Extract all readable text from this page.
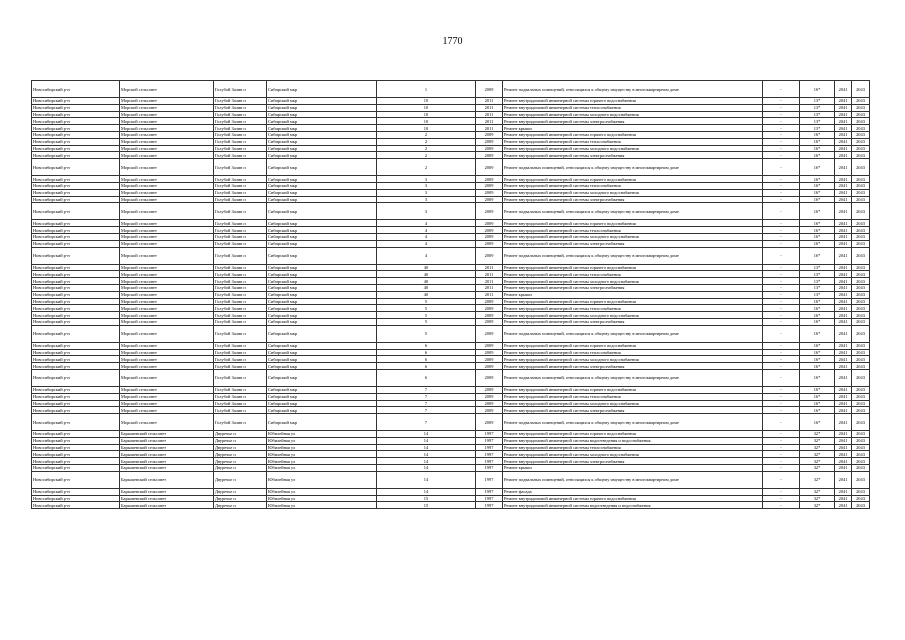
1770
Новосибирский р-н	Морской сельсовет	Голубой Залив п	Сибирский мкр	1	2009	Ремонт подвальных помещений, относящихся к общему имуществу в многоквартирном доме	-	16*	2041	2043
Новосибирский р-н	Морской сельсовет	Голубой Залив п	Сибирский мкр	10	2011	Ремонт внутридомовой инженерной системы горячего водоснабжения	-	13*	2041	2043
Новосибирский р-н	Морской сельсовет	Голубой Залив п	Сибирский мкр	10	2011	Ремонт внутридомовой инженерной системы теплоснабжения	-	13*	2041	2043
Новосибирский р-н	Морской сельсовет	Голубой Залив п	Сибирский мкр	10	2011	Ремонт внутридомовой инженерной системы холодного водоснабжения	-	13*	2041	2043
Новосибирский р-н	Морской сельсовет	Голубой Залив п	Сибирский мкр	10	2011	Ремонт внутридомовой инженерной системы электроснабжения	-	13*	2041	2043
Новосибирский р-н	Морской сельсовет	Голубой Залив п	Сибирский мкр	10	2011	Ремонт крыши	-	13*	2041	2043
Новосибирский р-н	Морской сельсовет	Голубой Залив п	Сибирский мкр	2	2009	Ремонт внутридомовой инженерной системы горячего водоснабжения	-	16*	2041	2043
Новосибирский р-н	Морской сельсовет	Голубой Залив п	Сибирский мкр	2	2009	Ремонт внутридомовой инженерной системы теплоснабжения	-	16*	2041	2043
Новосибирский р-н	Морской сельсовет	Голубой Залив п	Сибирский мкр	2	2009	Ремонт внутридомовой инженерной системы холодного водоснабжения	-	16*	2041	2043
Новосибирский р-н	Морской сельсовет	Голубой Залив п	Сибирский мкр	2	2009	Ремонт внутридомовой инженерной системы электроснабжения	-	16*	2041	2043
Новосибирский р-н	Морской сельсовет	Голубой Залив п	Сибирский мкр	2	2009	Ремонт подвальных помещений, относящихся к общему имуществу в многоквартирном доме	-	16*	2041	2043
Новосибирский р-н	Морской сельсовет	Голубой Залив п	Сибирский мкр	3	2009	Ремонт внутридомовой инженерной системы горячего водоснабжения	-	16*	2041	2043
Новосибирский р-н	Морской сельсовет	Голубой Залив п	Сибирский мкр	3	2009	Ремонт внутридомовой инженерной системы теплоснабжения	-	16*	2041	2043
Новосибирский р-н	Морской сельсовет	Голубой Залив п	Сибирский мкр	3	2009	Ремонт внутридомовой инженерной системы холодного водоснабжения	-	16*	2041	2043
Новосибирский р-н	Морской сельсовет	Голубой Залив п	Сибирский мкр	3	2009	Ремонт внутридомовой инженерной системы электроснабжения	-	16*	2041	2043
Новосибирский р-н	Морской сельсовет	Голубой Залив п	Сибирский мкр	3	2009	Ремонт подвальных помещений, относящихся к общему имуществу в многоквартирном доме	-	16*	2041	2043
Новосибирский р-н	Морской сельсовет	Голубой Залив п	Сибирский мкр	4	2009	Ремонт внутридомовой инженерной системы горячего водоснабжения	-	16*	2041	2043
Новосибирский р-н	Морской сельсовет	Голубой Залив п	Сибирский мкр	4	2009	Ремонт внутридомовой инженерной системы теплоснабжения	-	16*	2041	2043
Новосибирский р-н	Морской сельсовет	Голубой Залив п	Сибирский мкр	4	2009	Ремонт внутридомовой инженерной системы холодного водоснабжения	-	16*	2041	2043
Новосибирский р-н	Морской сельсовет	Голубой Залив п	Сибирский мкр	4	2009	Ремонт внутридомовой инженерной системы электроснабжения	-	16*	2041	2043
Новосибирский р-н	Морской сельсовет	Голубой Залив п	Сибирский мкр	4	2009	Ремонт подвальных помещений, относящихся к общему имуществу в многоквартирном доме	-	16*	2041	2043
Новосибирский р-н	Морской сельсовет	Голубой Залив п	Сибирский мкр	40	2011	Ремонт внутридомовой инженерной системы горячего водоснабжения	-	13*	2041	2043
Новосибирский р-н	Морской сельсовет	Голубой Залив п	Сибирский мкр	40	2011	Ремонт внутридомовой инженерной системы теплоснабжения	-	13*	2041	2043
Новосибирский р-н	Морской сельсовет	Голубой Залив п	Сибирский мкр	40	2011	Ремонт внутридомовой инженерной системы холодного водоснабжения	-	13*	2041	2043
Новосибирский р-н	Морской сельсовет	Голубой Залив п	Сибирский мкр	40	2011	Ремонт внутридомовой инженерной системы электроснабжения	-	13*	2041	2043
Новосибирский р-н	Морской сельсовет	Голубой Залив п	Сибирский мкр	40	2011	Ремонт крыши	-	13*	2041	2043
Новосибирский р-н	Морской сельсовет	Голубой Залив п	Сибирский мкр	5	2009	Ремонт внутридомовой инженерной системы горячего водоснабжения	-	16*	2041	2043
Новосибирский р-н	Морской сельсовет	Голубой Залив п	Сибирский мкр	5	2009	Ремонт внутридомовой инженерной системы теплоснабжения	-	16*	2041	2043
Новосибирский р-н	Морской сельсовет	Голубой Залив п	Сибирский мкр	5	2009	Ремонт внутридомовой инженерной системы холодного водоснабжения	-	16*	2041	2043
Новосибирский р-н	Морской сельсовет	Голубой Залив п	Сибирский мкр	5	2009	Ремонт внутридомовой инженерной системы электроснабжения	-	16*	2041	2043
Новосибирский р-н	Морской сельсовет	Голубой Залив п	Сибирский мкр	5	2009	Ремонт подвальных помещений, относящихся к общему имуществу в многоквартирном доме	-	16*	2041	2043
Новосибирский р-н	Морской сельсовет	Голубой Залив п	Сибирский мкр	6	2009	Ремонт внутридомовой инженерной системы горячего водоснабжения	-	16*	2041	2043
Новосибирский р-н	Морской сельсовет	Голубой Залив п	Сибирский мкр	6	2009	Ремонт внутридомовой инженерной системы теплоснабжения	-	16*	2041	2043
Новосибирский р-н	Морской сельсовет	Голубой Залив п	Сибирский мкр	6	2009	Ремонт внутридомовой инженерной системы холодного водоснабжения	-	16*	2041	2043
Новосибирский р-н	Морской сельсовет	Голубой Залив п	Сибирский мкр	6	2009	Ремонт внутридомовой инженерной системы электроснабжения	-	16*	2041	2043
Новосибирский р-н	Морской сельсовет	Голубой Залив п	Сибирский мкр	6	2009	Ремонт подвальных помещений, относящихся к общему имуществу в многоквартирном доме	-	16*	2041	2043
Новосибирский р-н	Морской сельсовет	Голубой Залив п	Сибирский мкр	7	2009	Ремонт внутридомовой инженерной системы горячего водоснабжения	-	16*	2041	2043
Новосибирский р-н	Морской сельсовет	Голубой Залив п	Сибирский мкр	7	2009	Ремонт внутридомовой инженерной системы теплоснабжения	-	16*	2041	2043
Новосибирский р-н	Морской сельсовет	Голубой Залив п	Сибирский мкр	7	2009	Ремонт внутридомовой инженерной системы холодного водоснабжения	-	16*	2041	2043
Новосибирский р-н	Морской сельсовет	Голубой Залив п	Сибирский мкр	7	2009	Ремонт внутридомовой инженерной системы электроснабжения	-	16*	2041	2043
Новосибирский р-н	Морской сельсовет	Голубой Залив п	Сибирский мкр	7	2009	Ремонт подвальных помещений, относящихся к общему имуществу в многоквартирном доме	-	16*	2041	2043
Новосибирский р-н	Барышевский сельсовет	Двуречье п	Юбилейная ул	14	1997	Ремонт внутридомовой инженерной системы горячего водоснабжения	-	32*	2041	2043
Новосибирский р-н	Барышевский сельсовет	Двуречье п	Юбилейная ул	14	1997	Ремонт внутридомовой инженерной системы водоотведения и водоснабжения	-	32*	2041	2043
Новосибирский р-н	Барышевский сельсовет	Двуречье п	Юбилейная ул	14	1997	Ремонт внутридомовой инженерной системы теплоснабжения	-	32*	2041	2043
Новосибирский р-н	Барышевский сельсовет	Двуречье п	Юбилейная ул	14	1997	Ремонт внутридомовой инженерной системы холодного водоснабжения	-	32*	2041	2043
Новосибирский р-н	Барышевский сельсовет	Двуречье п	Юбилейная ул	14	1997	Ремонт внутридомовой инженерной системы электроснабжения	-	32*	2041	2043
Новосибирский р-н	Барышевский сельсовет	Двуречье п	Юбилейная ул	14	1997	Ремонт крыши	-	32*	2041	2043
Новосибирский р-н	Барышевский сельсовет	Двуречье п	Юбилейная ул	14	1997	Ремонт подвальных помещений, относящихся к общему имуществу в многоквартирном доме	-	32*	2041	2043
Новосибирский р-н	Барышевский сельсовет	Двуречье п	Юбилейная ул	14	1997	Ремонт фасада	-	32*	2041	2043
Новосибирский р-н	Барышевский сельсовет	Двуречье п	Юбилейная ул	15	1997	Ремонт внутридомовой инженерной системы горячего водоснабжения	-	32*	2041	2043
Новосибирский р-н	Барышевский сельсовет	Двуречье п	Юбилейная ул	15	1997	Ремонт внутридомовой инженерной системы водоотведения и водоснабжения	-	32*	2041	2043
